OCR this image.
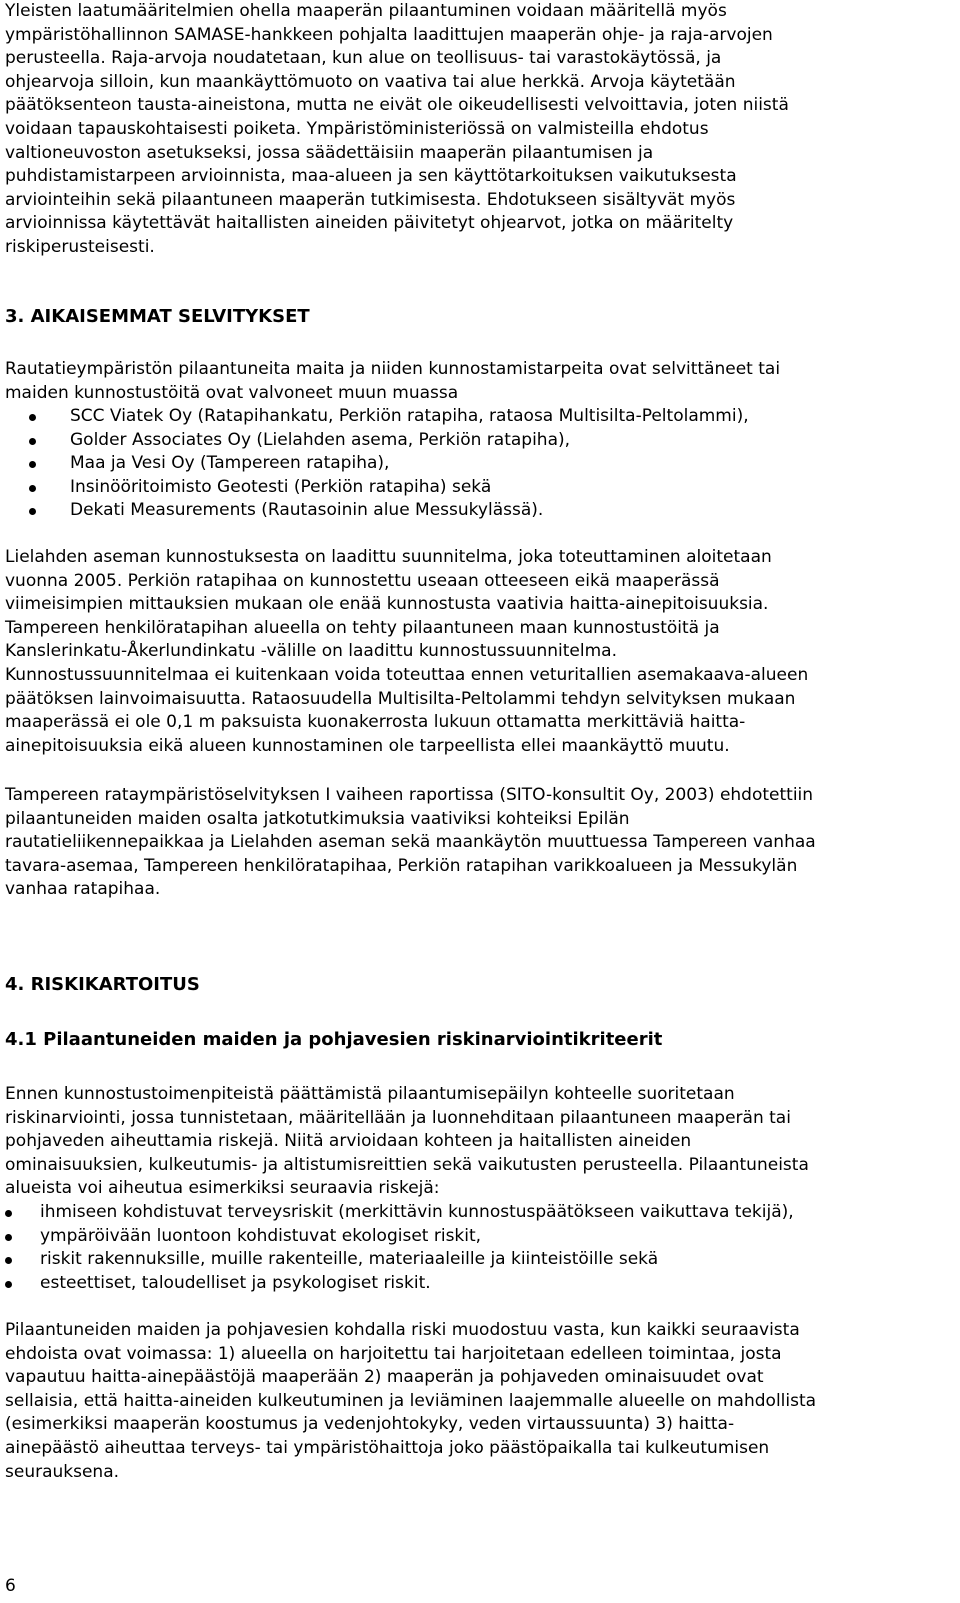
Yleisten laatumääritelmien ohella maaperän pilaantuminen voidaan määritellä myös
ympäristöhallinnon SAMASE-hankkeen pohjalta laadittujen maaperän ohje- ja raja-arvojen
perusteella. Raja-arvoja noudatetaan, kun alue on teollisuus- tai varastokäytössä, ja
ohjearvoja silloin, kun maankäyttömuoto on vaativa tai alue herkkä. Arvoja käytetään
päätöksenteon tausta-aineistona, mutta ne eivät ole oikeudellisesti velvoittavia, joten niistä
voidaan tapauskohtaisesti poiketa. Ympäristöministeriössä on valmisteilla ehdotus
valtioneuvoston asetukseksi, jossa säädettäisiin maaperän pilaantumisen ja
puhdistamistarpeen arvioinnista, maa-alueen ja sen käyttötarkoituksen vaikutuksesta
arviointeihin sekä pilaantuneen maaperän tutkimisesta. Ehdotukseen sisältyvät myös
arvioinnissa käytettävät haitallisten aineiden päivitetyt ohjearvot, jotka on määritelty
riskiperusteisesti.
3. AIKAISEMMAT SELVITYKSET
Rautatieympäristön pilaantuneita maita ja niiden kunnostamistarpeita ovat selvittäneet tai
maiden kunnostustöitä ovat valvoneet muun muassa
SCC Viatek Oy (Ratapihankatu, Perkiön ratapiha, rataosa Multisilta-Peltolammi),
Golder Associates Oy (Lielahden asema, Perkiön ratapiha),
Maa ja Vesi Oy (Tampereen ratapiha),
Insinööritoimisto Geotesti (Perkiön ratapiha) sekä
Dekati Measurements (Rautasoinin alue Messukylässä).
Lielahden aseman kunnostuksesta on laadittu suunnitelma, joka toteuttaminen aloitetaan
vuonna 2005. Perkiön ratapihaa on kunnostettu useaan otteeseen eikä maaperässä
viimeisimpien mittauksien mukaan ole enää kunnostusta vaativia haitta-ainepitoisuuksia.
Tampereen henkilöratapihan alueella on tehty pilaantuneen maan kunnostustöitä ja
Kanslerinkatu-Åkerlundinkatu -välille on laadittu kunnostussuunnitelma.
Kunnostussuunnitelmaa ei kuitenkaan voida toteuttaa ennen veturitallien asemakaava-alueen
päätöksen lainvoimaisuutta. Rataosuudella Multisilta-Peltolammi tehdyn selvityksen mukaan
maaperässä ei ole 0,1 m paksuista kuonakerrosta lukuun ottamatta merkittäviä haitta-
ainepitoisuuksia eikä alueen kunnostaminen ole tarpeellista ellei maankäyttö muutu.
Tampereen rataympäristöselvityksen I vaiheen raportissa (SITO-konsultit Oy, 2003) ehdotettiin
pilaantuneiden maiden osalta jatkotutkimuksia vaativiksi kohteiksi Epilän
rautatieliikennepaikkaa ja Lielahden aseman sekä maankäytön muuttuessa Tampereen vanhaa
tavara-asemaa, Tampereen henkilöratapihaa, Perkiön ratapihan varikkoalueen ja Messukylän
vanhaa ratapihaa.
4. RISKIKARTOITUS
4.1 Pilaantuneiden maiden ja pohjavesien riskinarviointikriteerit
Ennen kunnostustoimenpiteistä päättämistä pilaantumisepäilyn kohteelle suoritetaan
riskinarviointi, jossa tunnistetaan, määritellään ja luonnehditaan pilaantuneen maaperän tai
pohjaveden aiheuttamia riskejä. Niitä arvioidaan kohteen ja haitallisten aineiden
ominaisuuksien, kulkeutumis- ja altistumisreittien sekä vaikutusten perusteella. Pilaantuneista
alueista voi aiheutua esimerkiksi seuraavia riskejä:
ihmiseen kohdistuvat terveysriskit (merkittävin kunnostuspäätökseen vaikuttava tekijä),
ympäröivään luontoon kohdistuvat ekologiset riskit,
riskit rakennuksille, muille rakenteille, materiaaleille ja kiinteistöille sekä
esteettiset, taloudelliset ja psykologiset riskit.
Pilaantuneiden maiden ja pohjavesien kohdalla riski muodostuu vasta, kun kaikki seuraavista
ehdoista ovat voimassa: 1) alueella on harjoitettu tai harjoitetaan edelleen toimintaa, josta
vapautuu haitta-ainepäästöjä maaperään 2) maaperän ja pohjaveden ominaisuudet ovat
sellaisia, että haitta-aineiden kulkeutuminen ja leviäminen laajemmalle alueelle on mahdollista
(esimerkiksi maaperän koostumus ja vedenjohtokyky, veden virtaussuunta) 3) haitta-
ainepäästö aiheuttaa terveys- tai ympäristöhaittoja joko päästöpaikalla tai kulkeutumisen
seurauksena.
6
